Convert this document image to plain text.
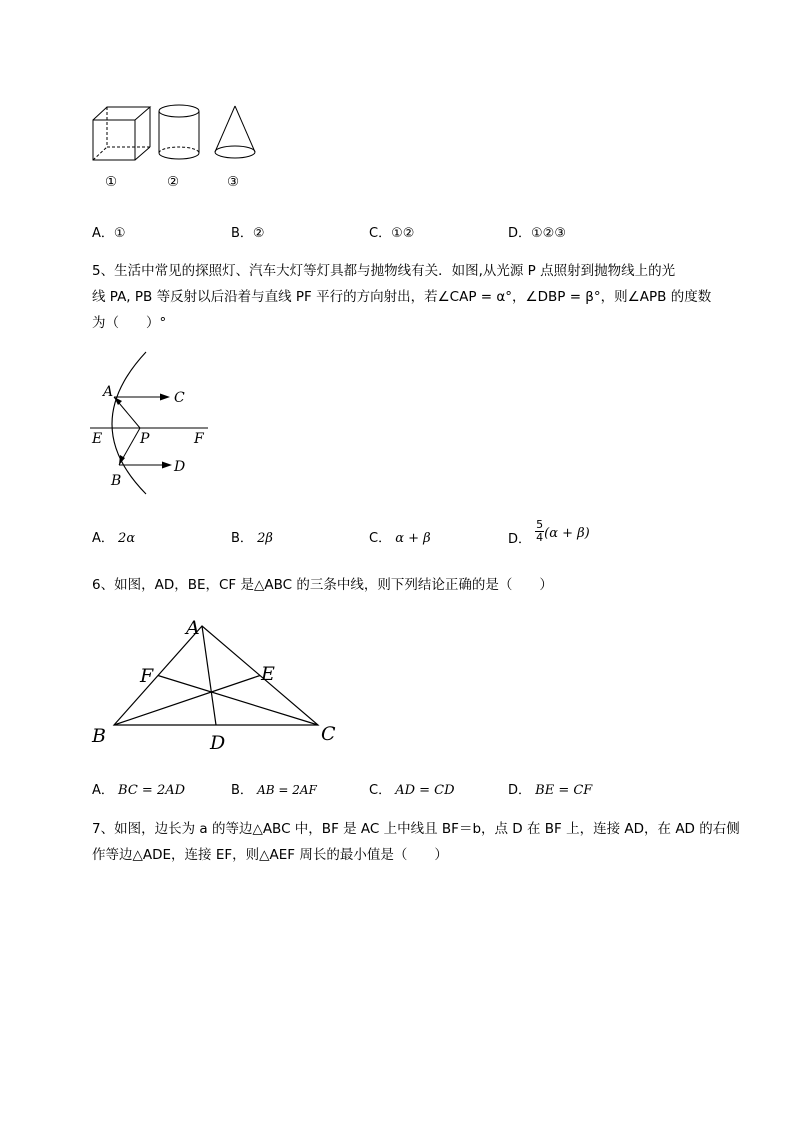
①	②	③
A．①	B．②	C．①②	D．①②③
5、生活中常见的探照灯、汽车大灯等灯具都与抛物线有关．如图,从光源 P 点照射到抛物线上的光
线 PA, PB 等反射以后沿着与直线 PF 平行的方向射出，若∠CAP = α°，∠DBP = β°，则∠APB 的度数
为（　　）°
A	C
E	P	F
D
B
A． 2α	B． 2β	C． α + β	D． $\frac{5}{4} (\alpha + \beta)$
6、如图，AD，BE，CF 是△ABC 的三条中线，则下列结论正确的是（　　）
A
F	E
B	D	C
A． BC = 2AD	B． AB = 2AF	C． AD = CD	D． BE = CF
7、如图，边长为 a 的等边△ABC 中，BF 是 AC 上中线且 BF＝b，点 D 在 BF 上，连接 AD，在 AD 的右侧
作等边△ADE，连接 EF，则△AEF 周长的最小值是（　　）
